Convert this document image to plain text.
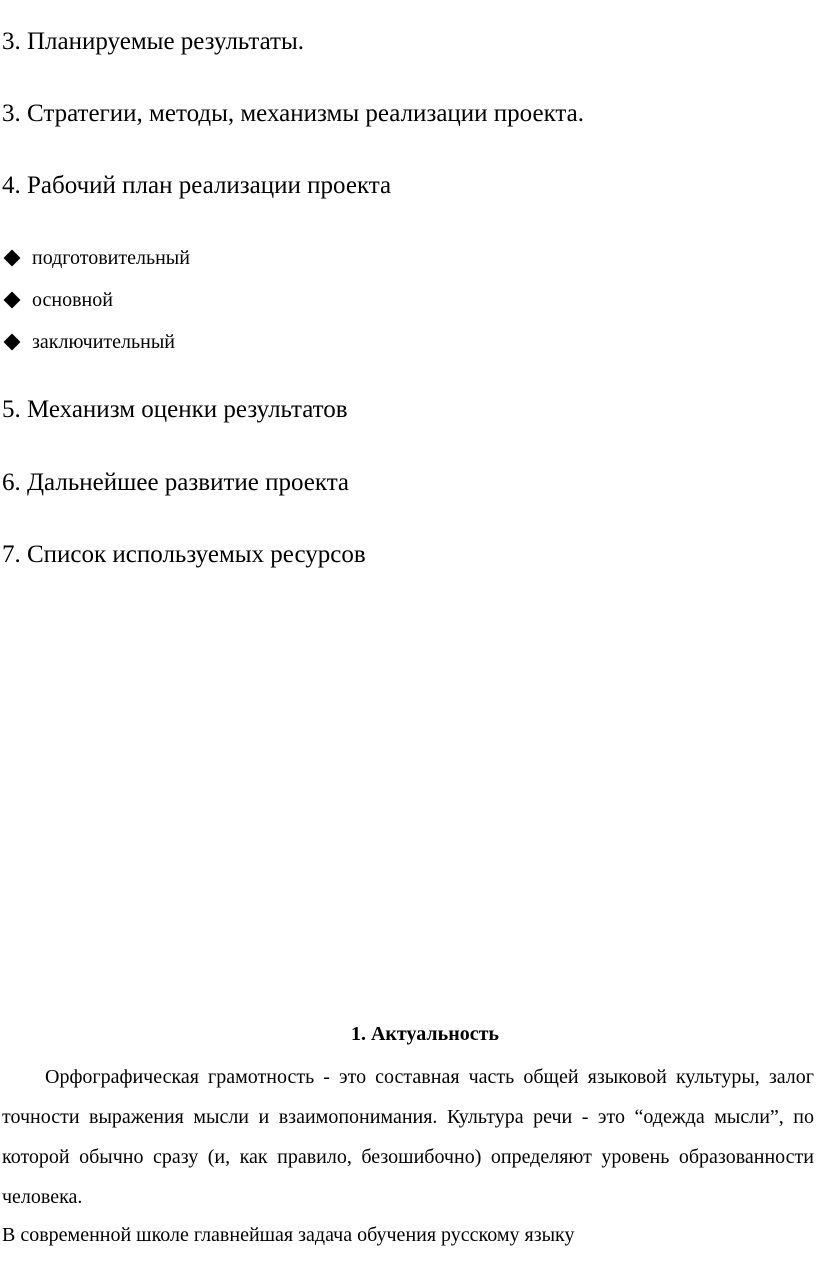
3. Планируемые результаты.
3. Стратегии, методы, механизмы реализации проекта.
4. Рабочий план реализации проекта
подготовительный
основной
заключительный
5. Механизм оценки результатов
6. Дальнейшее развитие проекта
7. Список используемых ресурсов
1. Актуальность
Орфографическая грамотность - это составная часть общей языковой культуры, залог точности выражения мысли и взаимопонимания. Культура речи - это “одежда мысли”, по которой обычно сразу (и, как правило, безошибочно) определяют уровень образованности человека.
В современной школе главнейшая задача обучения русскому языку
